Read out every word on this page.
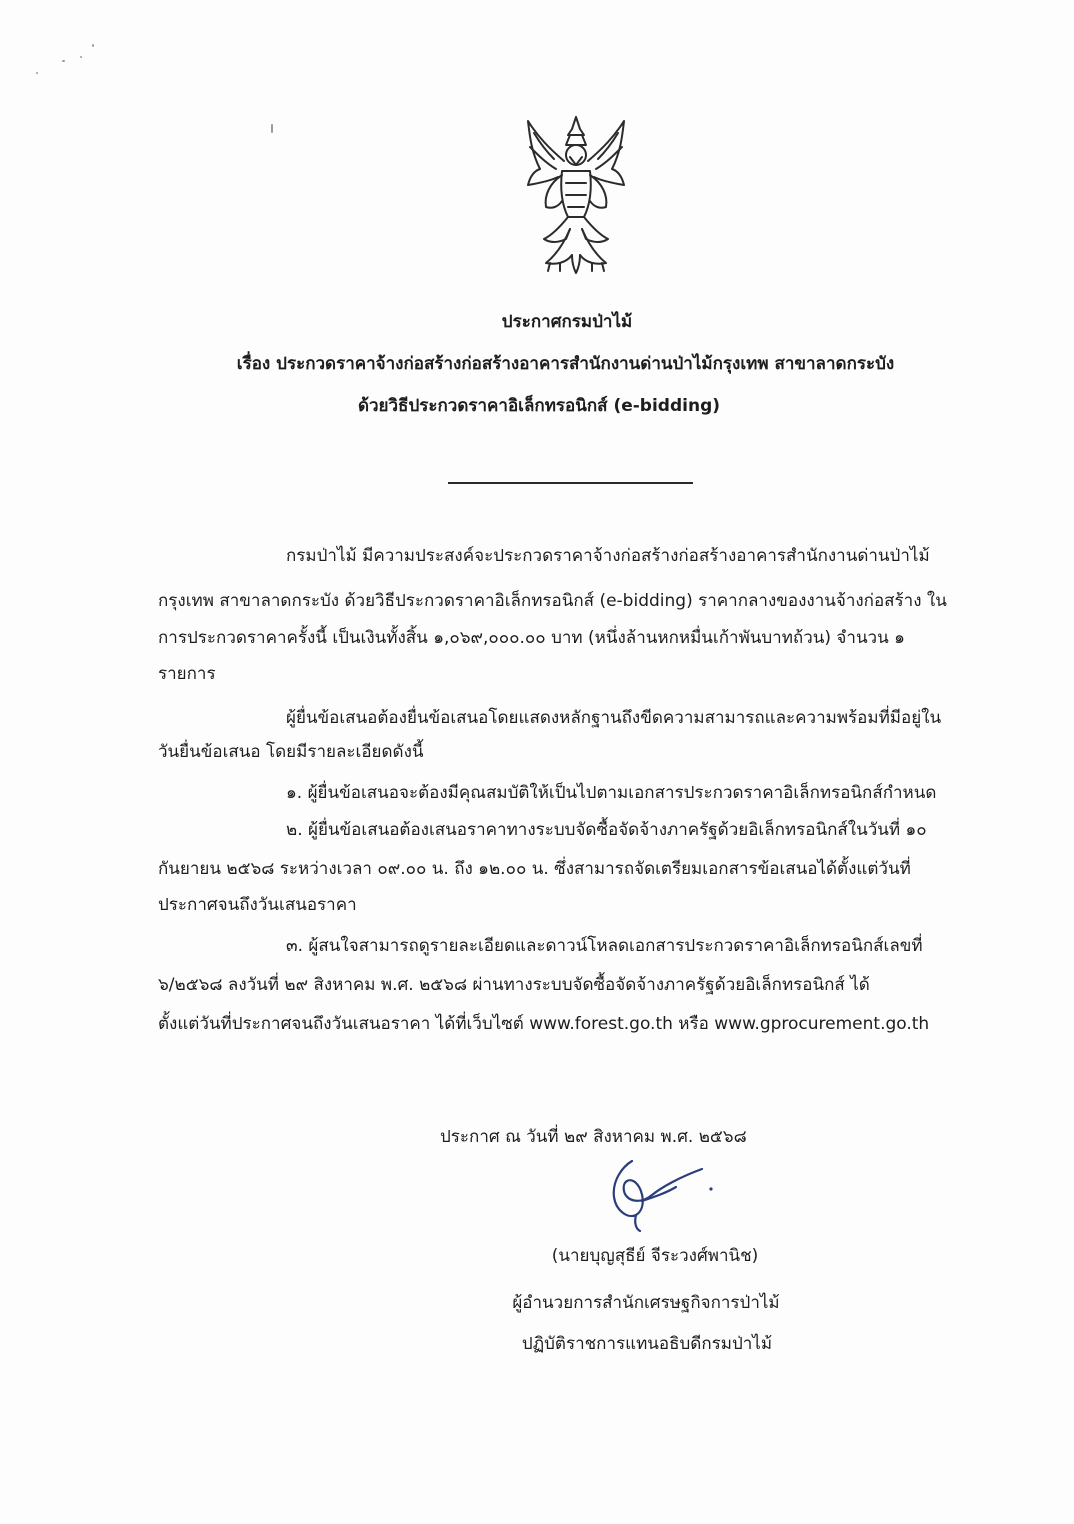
ประกาศกรมป่าไม้
เรื่อง ประกวดราคาจ้างก่อสร้างก่อสร้างอาคารสำนักงานด่านป่าไม้กรุงเทพ สาขาลาดกระบัง
ด้วยวิธีประกวดราคาอิเล็กทรอนิกส์ (e-bidding)
กรมป่าไม้ มีความประสงค์จะประกวดราคาจ้างก่อสร้างก่อสร้างอาคารสำนักงานด่านป่าไม้
กรุงเทพ สาขาลาดกระบัง ด้วยวิธีประกวดราคาอิเล็กทรอนิกส์ (e-bidding) ราคากลางของงานจ้างก่อสร้าง ใน
การประกวดราคาครั้งนี้ เป็นเงินทั้งสิ้น ๑,๐๖๙,๐๐๐.๐๐ บาท (หนึ่งล้านหกหมื่นเก้าพันบาทถ้วน) จำนวน ๑
รายการ
ผู้ยื่นข้อเสนอต้องยื่นข้อเสนอโดยแสดงหลักฐานถึงขีดความสามารถและความพร้อมที่มีอยู่ใน
วันยื่นข้อเสนอ โดยมีรายละเอียดดังนี้
๑. ผู้ยื่นข้อเสนอจะต้องมีคุณสมบัติให้เป็นไปตามเอกสารประกวดราคาอิเล็กทรอนิกส์กำหนด
๒. ผู้ยื่นข้อเสนอต้องเสนอราคาทางระบบจัดซื้อจัดจ้างภาครัฐด้วยอิเล็กทรอนิกส์ในวันที่ ๑๐
กันยายน ๒๕๖๘ ระหว่างเวลา ๐๙.๐๐ น. ถึง ๑๒.๐๐ น. ซึ่งสามารถจัดเตรียมเอกสารข้อเสนอได้ตั้งแต่วันที่
ประกาศจนถึงวันเสนอราคา
๓. ผู้สนใจสามารถดูรายละเอียดและดาวน์โหลดเอกสารประกวดราคาอิเล็กทรอนิกส์เลขที่
๖/๒๕๖๘ ลงวันที่ ๒๙ สิงหาคม พ.ศ. ๒๕๖๘ ผ่านทางระบบจัดซื้อจัดจ้างภาครัฐด้วยอิเล็กทรอนิกส์ ได้
ตั้งแต่วันที่ประกาศจนถึงวันเสนอราคา ได้ที่เว็บไซต์ www.forest.go.th หรือ www.gprocurement.go.th
ประกาศ ณ วันที่ ๒๙ สิงหาคม พ.ศ. ๒๕๖๘
(นายบุญสุธีย์ จีระวงศ์พานิช)
ผู้อำนวยการสำนักเศรษฐกิจการป่าไม้
ปฏิบัติราชการแทนอธิบดีกรมป่าไม้
